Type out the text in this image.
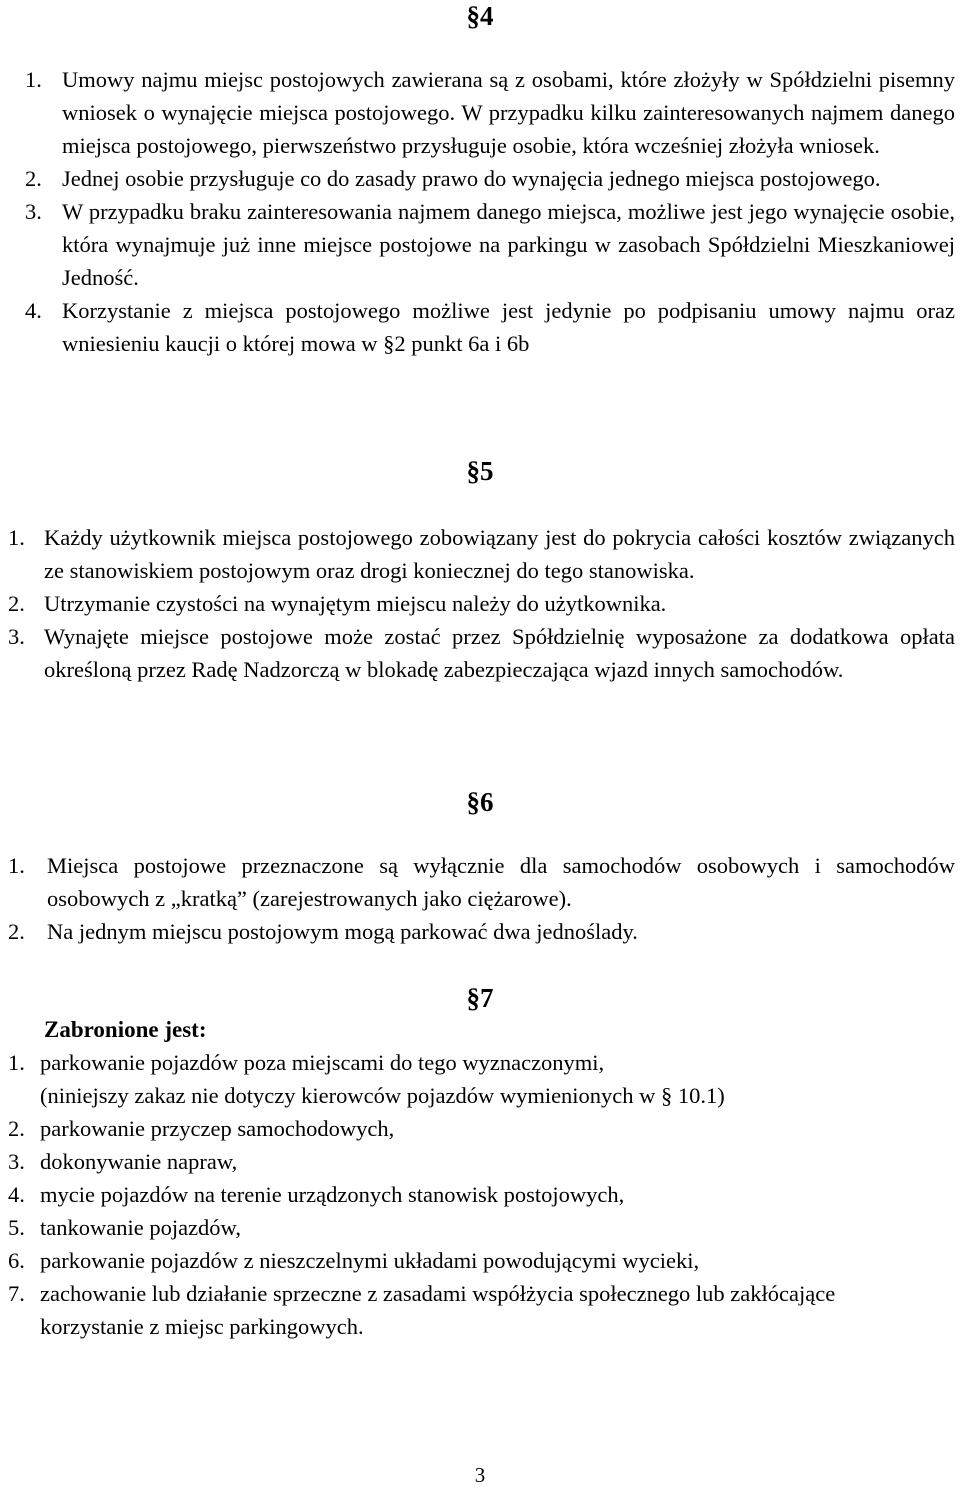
§4
1. Umowy najmu miejsc postojowych zawierana są z osobami, które złożyły w Spółdzielni pisemny wniosek o wynajęcie miejsca postojowego. W przypadku kilku zainteresowanych najmem danego miejsca postojowego, pierwszeństwo przysługuje osobie, która wcześniej złożyła wniosek.
2. Jednej osobie przysługuje co do zasady prawo do wynajęcia jednego miejsca postojowego.
3. W przypadku braku zainteresowania najmem danego miejsca, możliwe jest jego wynajęcie osobie, która wynajmuje już inne miejsce postojowe na parkingu w zasobach Spółdzielni Mieszkaniowej Jedność.
4. Korzystanie z miejsca postojowego możliwe jest jedynie po podpisaniu umowy najmu oraz wniesieniu kaucji o której mowa w §2 punkt 6a i 6b
§5
1. Każdy użytkownik miejsca postojowego zobowiązany jest do pokrycia całości kosztów związanych ze stanowiskiem postojowym oraz drogi koniecznej do tego stanowiska.
2. Utrzymanie czystości na wynajętym miejscu należy do użytkownika.
3. Wynajęte miejsce postojowe może zostać przez Spółdzielnię wyposażone za dodatkowa opłata określoną przez Radę Nadzorczą w blokadę zabezpieczająca wjazd innych samochodów.
§6
1. Miejsca postojowe przeznaczone są wyłącznie dla samochodów osobowych i samochodów osobowych z „kratką” (zarejestrowanych jako ciężarowe).
2. Na jednym miejscu postojowym mogą parkować dwa jednoślady.
§7
Zabronione jest:
1. parkowanie pojazdów poza miejscami do tego wyznaczonymi,
(niniejszy zakaz nie dotyczy kierowców pojazdów wymienionych w § 10.1)
2. parkowanie przyczep samochodowych,
3. dokonywanie napraw,
4. mycie pojazdów na terenie urządzonych stanowisk postojowych,
5. tankowanie pojazdów,
6. parkowanie pojazdów z nieszczelnymi układami powodującymi wycieki,
7. zachowanie lub działanie sprzeczne z zasadami współżycia społecznego lub zakłócające korzystanie z miejsc parkingowych.
3
